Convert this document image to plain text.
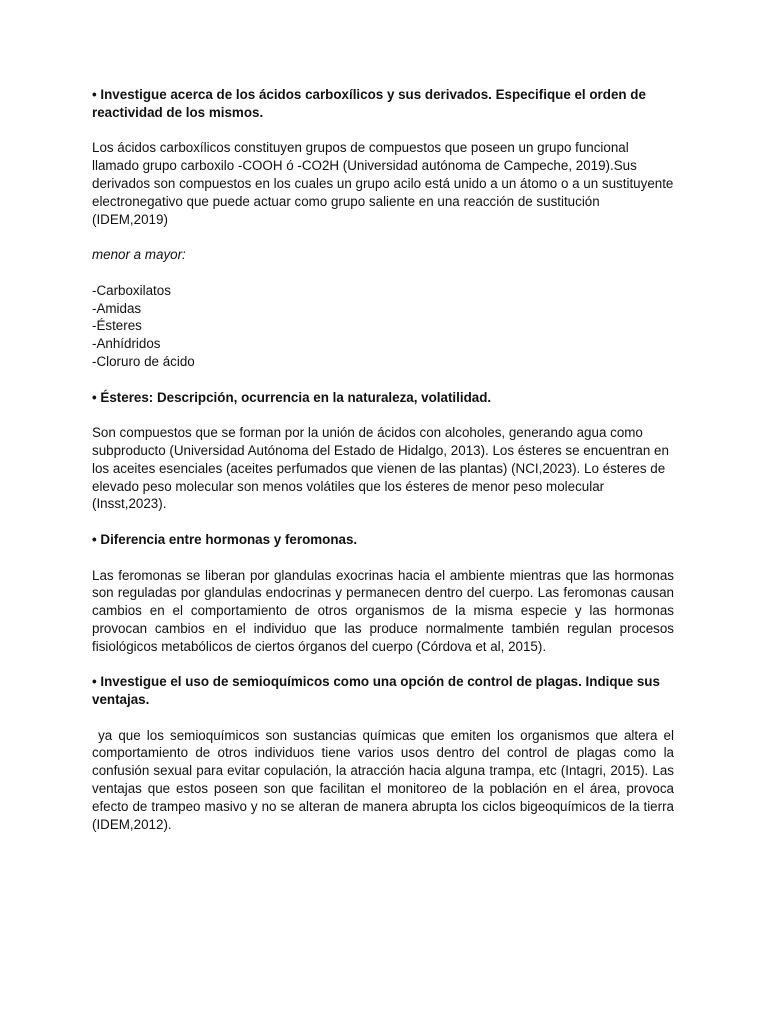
• Investigue acerca de los ácidos carboxílicos y sus derivados. Especifique el orden de reactividad de los mismos.

Los ácidos carboxílicos constituyen grupos de compuestos que poseen un grupo funcional llamado grupo carboxilo -COOH ó -CO2H (Universidad autónoma de Campeche, 2019).Sus derivados son compuestos en los cuales un grupo acilo está unido a un átomo o a un sustituyente electronegativo que puede actuar como grupo saliente en una reacción de sustitución (IDEM,2019)

menor a mayor:

-Carboxilatos
-Amidas
-Ésteres
-Anhídridos
-Cloruro de ácido

• Ésteres: Descripción, ocurrencia en la naturaleza, volatilidad.

Son compuestos que se forman por la unión de ácidos con alcoholes, generando agua como subproducto (Universidad Autónoma del Estado de Hidalgo, 2013). Los ésteres se encuentran en los aceites esenciales (aceites perfumados que vienen de las plantas) (NCI,2023). Lo ésteres de elevado peso molecular son menos volátiles que los ésteres de menor peso molecular (Insst,2023).

• Diferencia entre hormonas y feromonas.

Las feromonas se liberan por glandulas exocrinas hacia el ambiente mientras que las hormonas son reguladas por glandulas endocrinas y permanecen dentro del cuerpo. Las feromonas causan cambios en el comportamiento de otros organismos de la misma especie y las hormonas provocan cambios en el individuo que las produce normalmente también regulan procesos fisiológicos metabólicos de ciertos órganos del cuerpo (Córdova et al, 2015).

• Investigue el uso de semioquímicos como una opción de control de plagas. Indique sus ventajas.

ya que los semioquímicos son sustancias químicas que emiten los organismos que altera el comportamiento de otros individuos tiene varios usos dentro del control de plagas como la confusión sexual para evitar copulación, la atracción hacia alguna trampa, etc (Intagri, 2015). Las ventajas que estos poseen son que facilitan el monitoreo de la población en el área, provoca efecto de trampeo masivo y no se alteran de manera abrupta los ciclos bigeoquímicos de la tierra (IDEM,2012).
